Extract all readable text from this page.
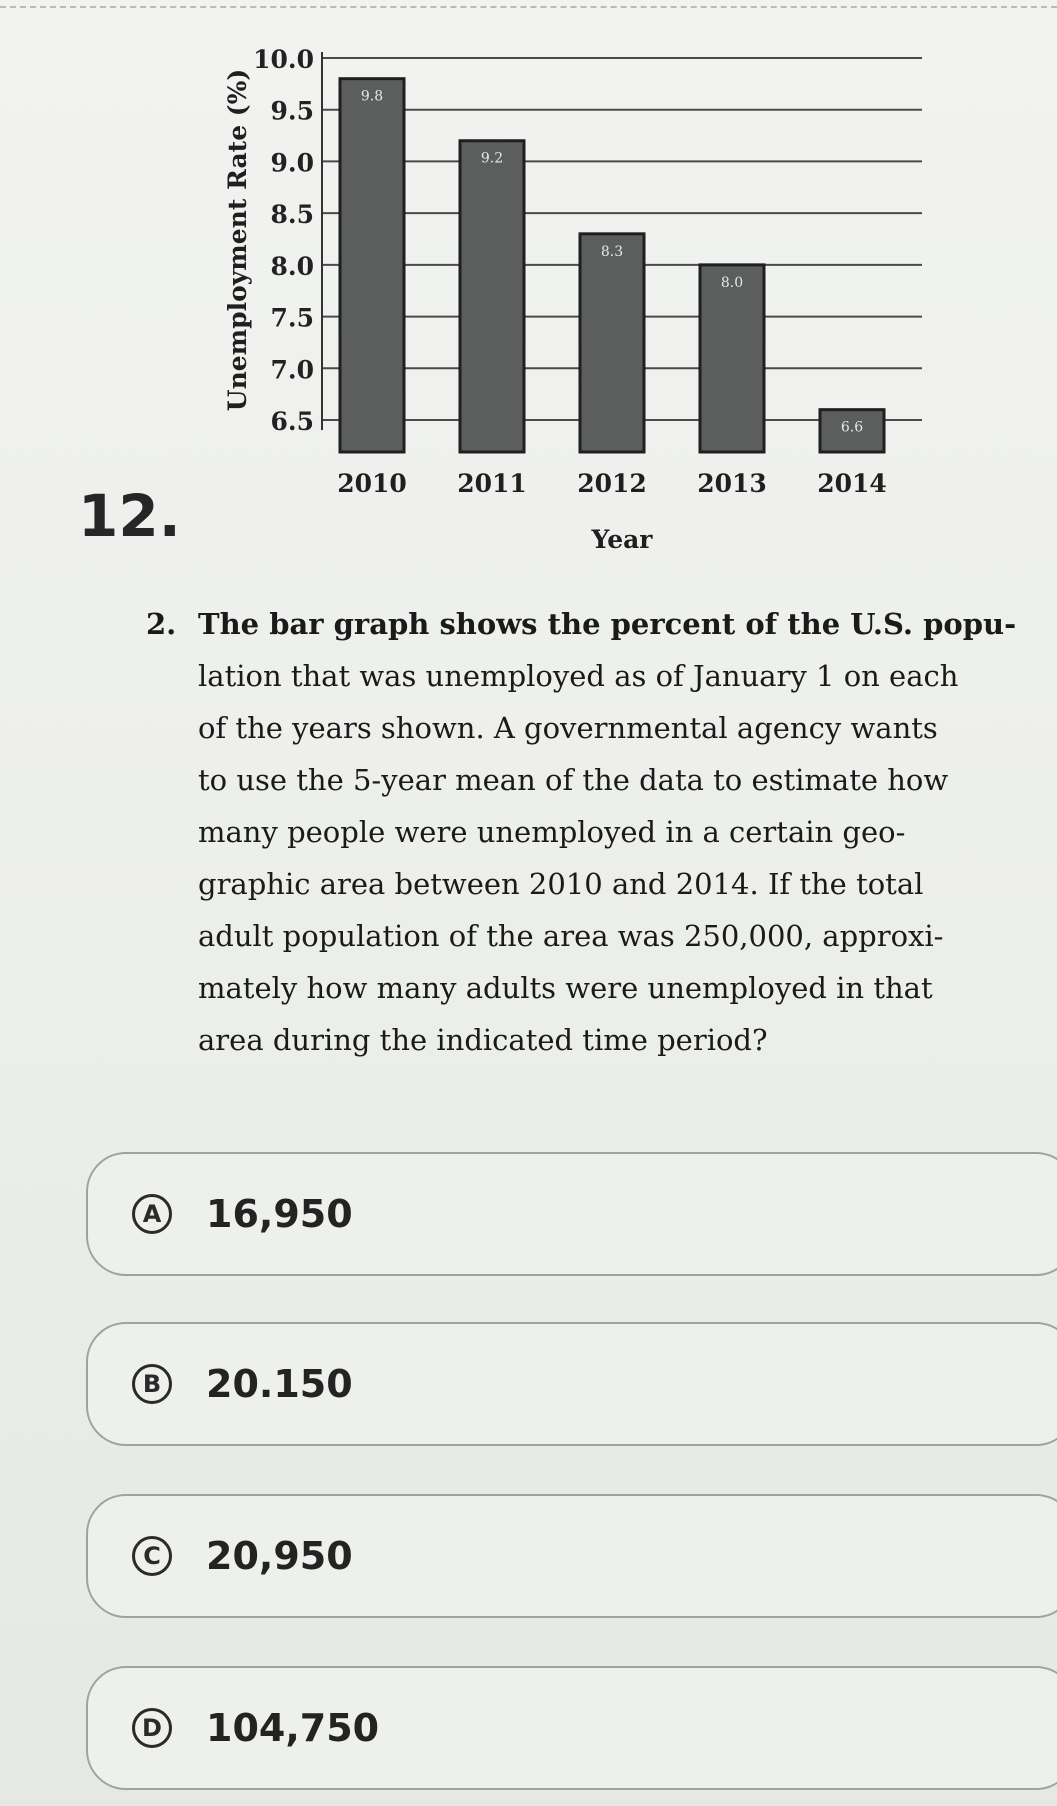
6.5
7.0
7.5
8.0
8.5
9.0
9.5
10.0
9.8
2010
9.2
2011
8.3
2012
8.0
2013
6.6
2014
Year
Unemployment Rate (%)
12.
2. The bar graph shows the percent of the U.S. popu-
lation that was unemployed as of January 1 on each
of the years shown. A governmental agency wants
to use the 5-year mean of the data to estimate how
many people were unemployed in a certain geo-
graphic area between 2010 and 2014. If the total
adult population of the area was 250,000, approxi-
mately how many adults were unemployed in that
area during the indicated time period?
A 16,950
B 20.150
C 20,950
D 104,750
